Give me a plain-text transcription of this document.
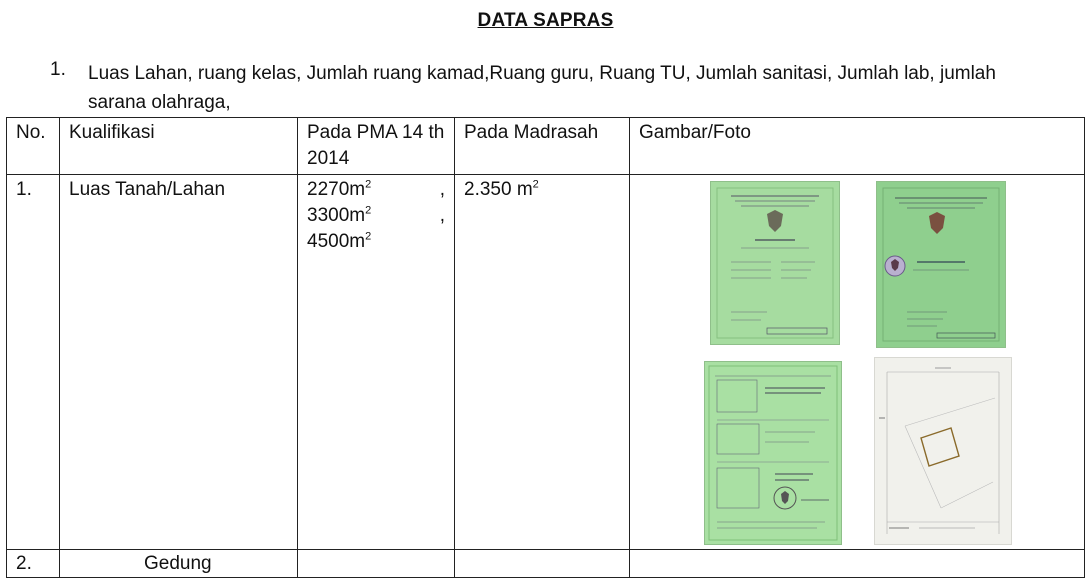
DATA SAPRAS
1. Luas Lahan, ruang kelas, Jumlah ruang kamad,Ruang guru, Ruang TU, Jumlah sanitasi, Jumlah lab, jumlah sarana olahraga,
No.	Kualifikasi	Pada PMA 14 th 2014	Pada Madrasah	Gambar/Foto
1.	Luas Tanah/Lahan	$2270m^2$ ,
$3300m^2$ ,
$4500m^2$	2.350 $m^2$	

2.	Gedung			
